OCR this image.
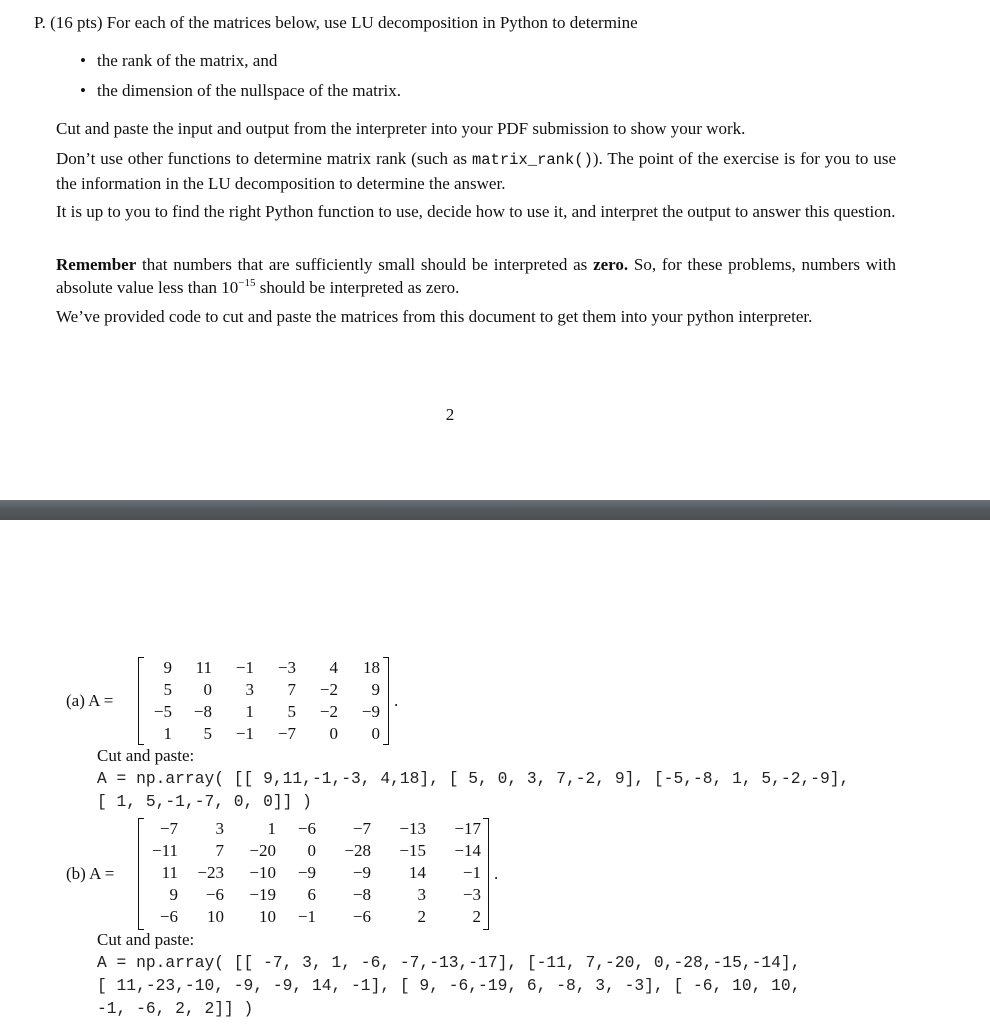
P. (16 pts) For each of the matrices below, use LU decomposition in Python to determine
• the rank of the matrix, and
• the dimension of the nullspace of the matrix.
Cut and paste the input and output from the interpreter into your PDF submission to show your work.
Don’t use other functions to determine matrix rank (such as matrix_rank()). The point of the exercise is for you to use the information in the LU decomposition to determine the answer.
It is up to you to find the right Python function to use, decide how to use it, and interpret the output to answer this question.
Remember that numbers that are sufficiently small should be interpreted as zero. So, for these problems, numbers with absolute value less than $10^{-15}$ should be interpreted as zero.
We’ve provided code to cut and paste the matrices from this document to get them into your python interpreter.
2
(a) A =
9	11	−1	−3	4	18
5	0	3	7	−2	9
−5	−8	1	5	−2	−9
1	5	−1	−7	0	0
.
Cut and paste:
A = np.array( [[ 9,11,-1,-3, 4,18], [ 5, 0, 3, 7,-2, 9], [-5,-8, 1, 5,-2,-9],
[ 1, 5,-1,-7, 0, 0]] )
(b) A =
−7	3	1	−6	−7	−13	−17
−11	7	−20	0	−28	−15	−14
11	−23	−10	−9	−9	14	−1
9	−6	−19	6	−8	3	−3
−6	10	10	−1	−6	2	2
.
Cut and paste:
A = np.array( [[ -7, 3, 1, -6, -7,-13,-17], [-11, 7,-20, 0,-28,-15,-14],
[ 11,-23,-10, -9, -9, 14, -1], [ 9, -6,-19, 6, -8, 3, -3], [ -6, 10, 10,
-1, -6, 2, 2]] )
